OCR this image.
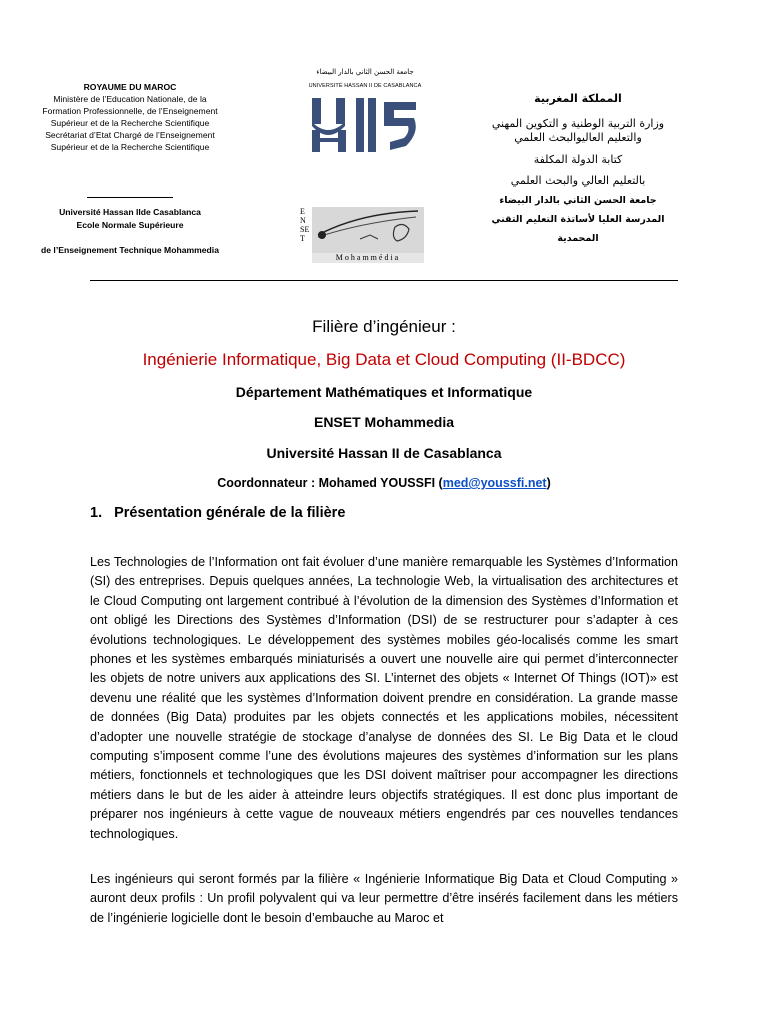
ROYAUME DU MAROC
Ministère de l’Education Nationale, de la
Formation Professionnelle, de l’Enseignement
Supérieur et de la Recherche Scientifique
Secrétariat d’Etat Chargé de l’Enseignement
Supérieur et de la Recherche Scientifique
Université Hassan IIde Casablanca
Ecole Normale Supérieure
de l’Enseignement Technique Mohammedia
جامعة الحسن الثاني بالدار البيضاء
UNIVERSITÉ HASSAN II DE CASABLANCA
ENSET
Mohammédia
المملكة المغربية
وزارة التربية الوطنية و التكوين المهني
والتعليم العاليوالبحث العلمي
كتابة الدولة المكلفة
بالتعليم العالي والبحث العلمي
جامعة الحسن الثاني بالدار البيضاء
المدرسة العليا لأساتذة التعليم التقني
المحمدية
Filière d’ingénieur :
Ingénierie Informatique, Big Data et Cloud Computing (II-BDCC)
Département Mathématiques et Informatique
ENSET Mohammedia
Université Hassan II de Casablanca
Coordonnateur : Mohamed YOUSSFI (med@youssfi.net)
1. Présentation générale de la filière
Les Technologies de l’Information ont fait évoluer d’une manière remarquable les Systèmes d’Information (SI) des entreprises. Depuis quelques années, La technologie Web, la virtualisation des architectures et le Cloud Computing ont largement contribué à l’évolution de la dimension des Systèmes d’Information et ont obligé les Directions des Systèmes d’Information (DSI) de se restructurer pour s’adapter à ces évolutions technologiques. Le développement des systèmes mobiles géo-localisés comme les smart phones et les systèmes embarqués miniaturisés a ouvert une nouvelle aire qui permet d’interconnecter les objets de notre univers aux applications des SI. L’internet des objets « Internet Of Things (IOT)» est devenu une réalité que les systèmes d’Information doivent prendre en considération. La grande masse de données (Big Data) produites par les objets connectés et les applications mobiles, nécessitent d’adopter une nouvelle stratégie de stockage d’analyse de données des SI. Le Big Data et le cloud computing s’imposent comme l’une des évolutions majeures des systèmes d’information sur les plans métiers, fonctionnels et technologiques que les DSI doivent maîtriser pour accompagner les directions métiers dans le but de les aider à atteindre leurs objectifs stratégiques. Il est donc plus important de préparer nos ingénieurs à cette vague de nouveaux métiers engendrés par ces nouvelles tendances technologiques.
Les ingénieurs qui seront formés par la filière « Ingénierie Informatique Big Data et Cloud Computing » auront deux profils : Un profil polyvalent qui va leur permettre d’être insérés facilement dans les métiers de l’ingénierie logicielle dont le besoin d’embauche au Maroc et
